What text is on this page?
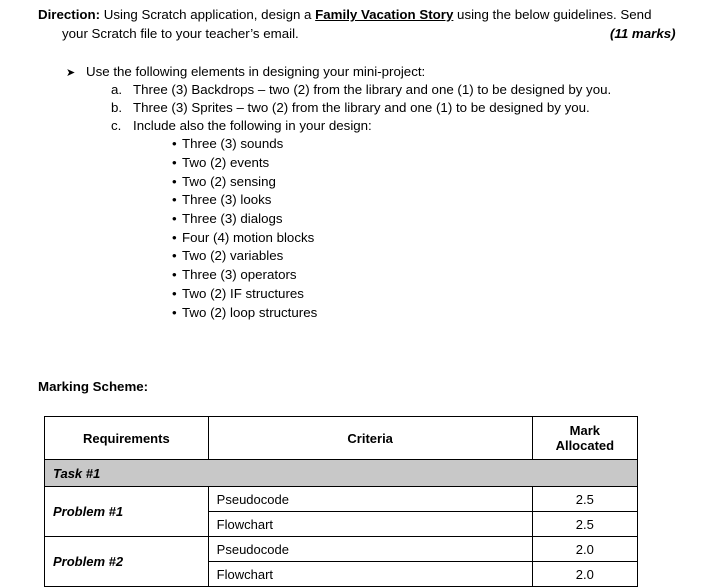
Direction: Using Scratch application, design a Family Vacation Story using the below guidelines. Send
your Scratch file to your teacher’s email.	(11 marks)
➤ Use the following elements in designing your mini-project:
a. Three (3) Backdrops – two (2) from the library and one (1) to be designed by you.
b. Three (3) Sprites – two (2) from the library and one (1) to be designed by you.
c. Include also the following in your design:
• Three (3) sounds
• Two (2) events
• Two (2) sensing
• Three (3) looks
• Three (3) dialogs
• Four (4) motion blocks
• Two (2) variables
• Three (3) operators
• Two (2) IF structures
• Two (2) loop structures
Marking Scheme:
Requirements	Criteria	Mark
Allocated
Task #1		
Problem #1	Pseudocode	2.5
	Flowchart	2.5
Problem #2	Pseudocode	2.0
	Flowchart	2.0
